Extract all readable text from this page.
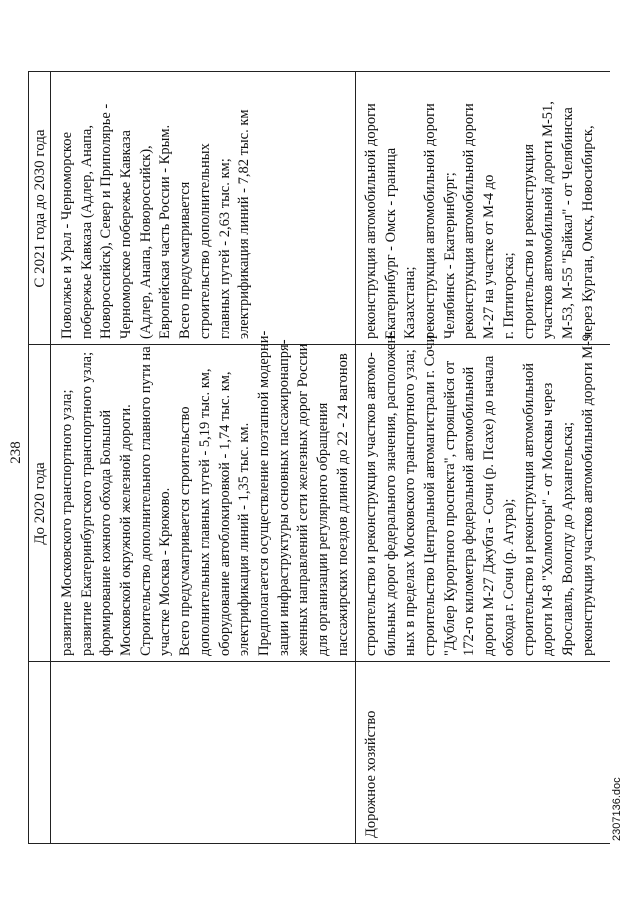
238
До 2020 года
С 2021 года до 2030 года
развитие Московского транспортного узла; развитие Екатеринбургского транспортного узла; формирование южного обхода Большой Московской окружной железной дороги. Строительство дополнительного главного пути на участке Москва - Крюково. Всего предусматривается строительство дополнительных главных путей - 5,19 тыс. км, оборудование автоблокировкой - 1,74 тыс. км, электрификация линий - 1,35 тыс. км. Предполагается осуществление поэтапной модерни- зации инфраструктуры основных пассажиронапря- женных направлений сети железных дорог России для организации регулярного обращения пассажирских поездов длиной до 22 - 24 вагонов
Поволжье и Урал - Черноморское побережье Кавказа (Адлер, Анапа, Новороссийск), Север и Приполярье - Черноморское побережье Кавказа (Адлер, Анапа, Новороссийск), Европейская часть России - Крым. Всего предусматривается строительство дополнительных главных путей - 2,63 тыс. км; электрификация линий - 7,82 тыс. км
Дорожное хозяйство
строительство и реконструкция участков автомо- бильных дорог федерального значения, расположен- ных в пределах Московского транспортного узла; строительство Центральной автомагистрали г. Сочи "Дублер Курортного проспекта", строящейся от 172-го километра федеральной автомобильной дороги М-27 Джубга - Сочи (р. Псахе) до начала обхода г. Сочи (р. Агура); строительство и реконструкция автомобильной дороги М-8 "Холмогоры" - от Москвы через Ярославль, Вологду до Архангельска; реконструкция участков автомобильной дороги М-9
реконструкция автомобильной дороги Екатеринбург - Омск - граница Казахстана; реконструкция автомобильной дороги Челябинск - Екатеринбург; реконструкция автомобильной дороги М-27 на участке от М-4 до г. Пятигорска; строительство и реконструкция участков автомобильной дороги М-51, М-53, М-55 "Байкал" - от Челябинска через Курган, Омск, Новосибирск,
2307136.doc
